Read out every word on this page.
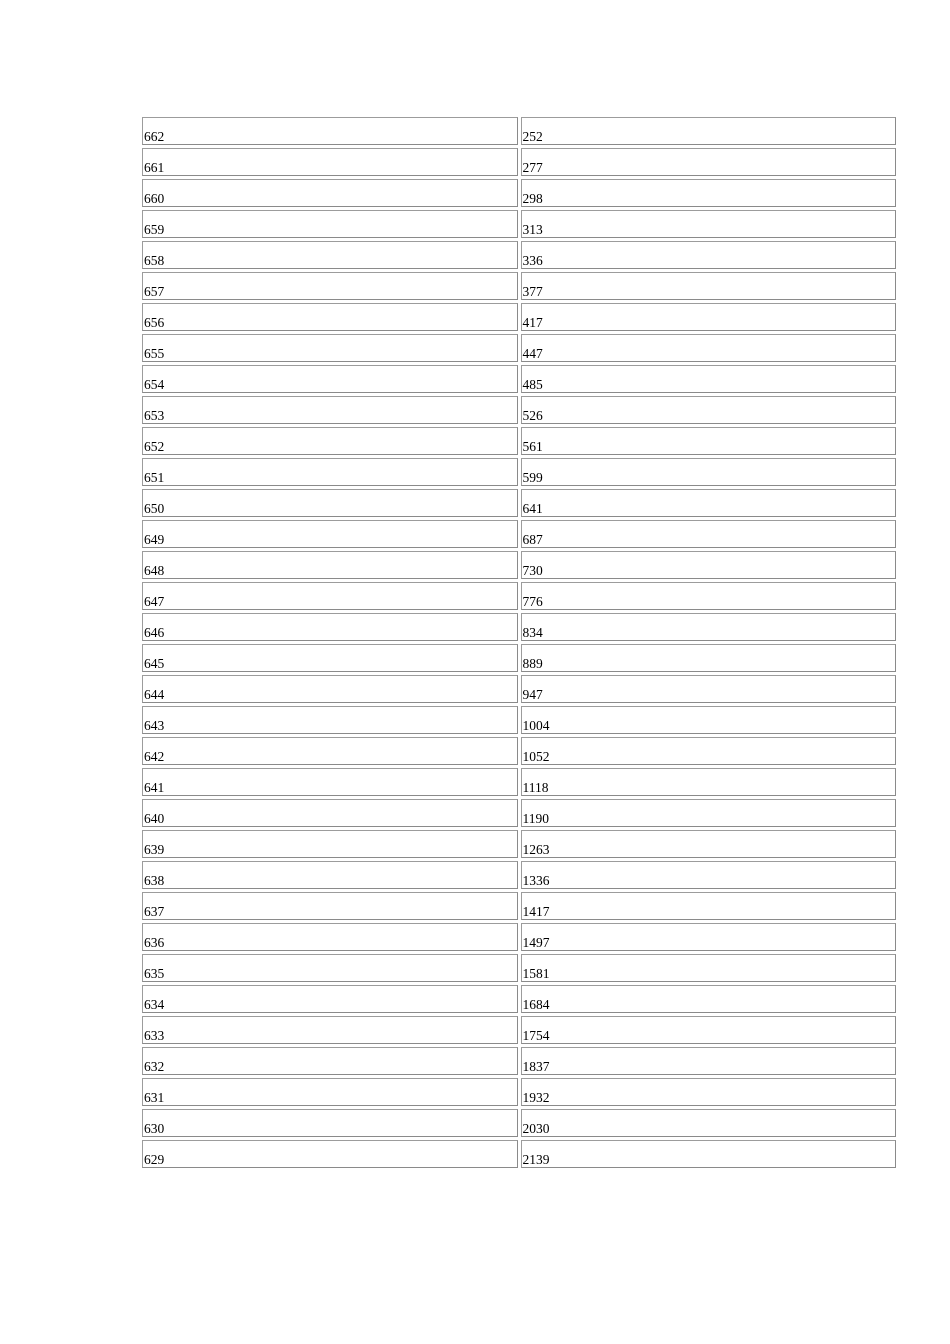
662	252
661	277
660	298
659	313
658	336
657	377
656	417
655	447
654	485
653	526
652	561
651	599
650	641
649	687
648	730
647	776
646	834
645	889
644	947
643	1004
642	1052
641	1118
640	1190
639	1263
638	1336
637	1417
636	1497
635	1581
634	1684
633	1754
632	1837
631	1932
630	2030
629	2139
